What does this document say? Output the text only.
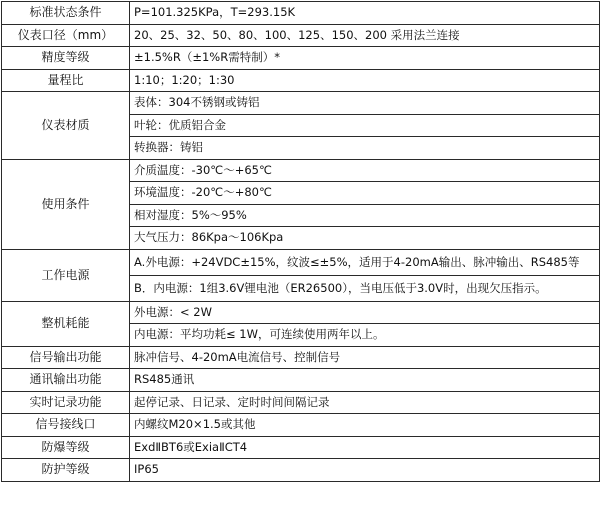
标准状态条件	P=101.325KPa，T=293.15K
仪表口径（mm）	20、25、32、50、80、100、125、150、200 采用法兰连接
精度等级	±1.5%R（±1%R需特制）*
量程比	1:10；1:20；1:30
仪表材质	表体：304不锈钢或铸铝
	叶轮：优质铝合金
	转换器：铸铝
使用条件	介质温度：-30℃～+65℃
	环境温度：-20℃～+80℃
	相对湿度：5%～95%
	大气压力：86Kpa～106Kpa
工作电源	A.外电源：+24VDC±15%，纹波≤±5%，适用于4-20mA输出、脉冲输出、RS485等
	B．内电源：1组3.6V锂电池（ER26500），当电压低于3.0V时，出现欠压指示。
整机耗能	外电源：< 2W
	内电源：平均功耗≤ 1W，可连续使用两年以上。
信号输出功能	脉冲信号、4-20mA电流信号、控制信号
通讯输出功能	RS485通讯
实时记录功能	起停记录、日记录、定时时间间隔记录
信号接线口	内螺纹M20×1.5或其他
防爆等级	ExdⅡBT6或ExiaⅡCT4
防护等级	IP65
